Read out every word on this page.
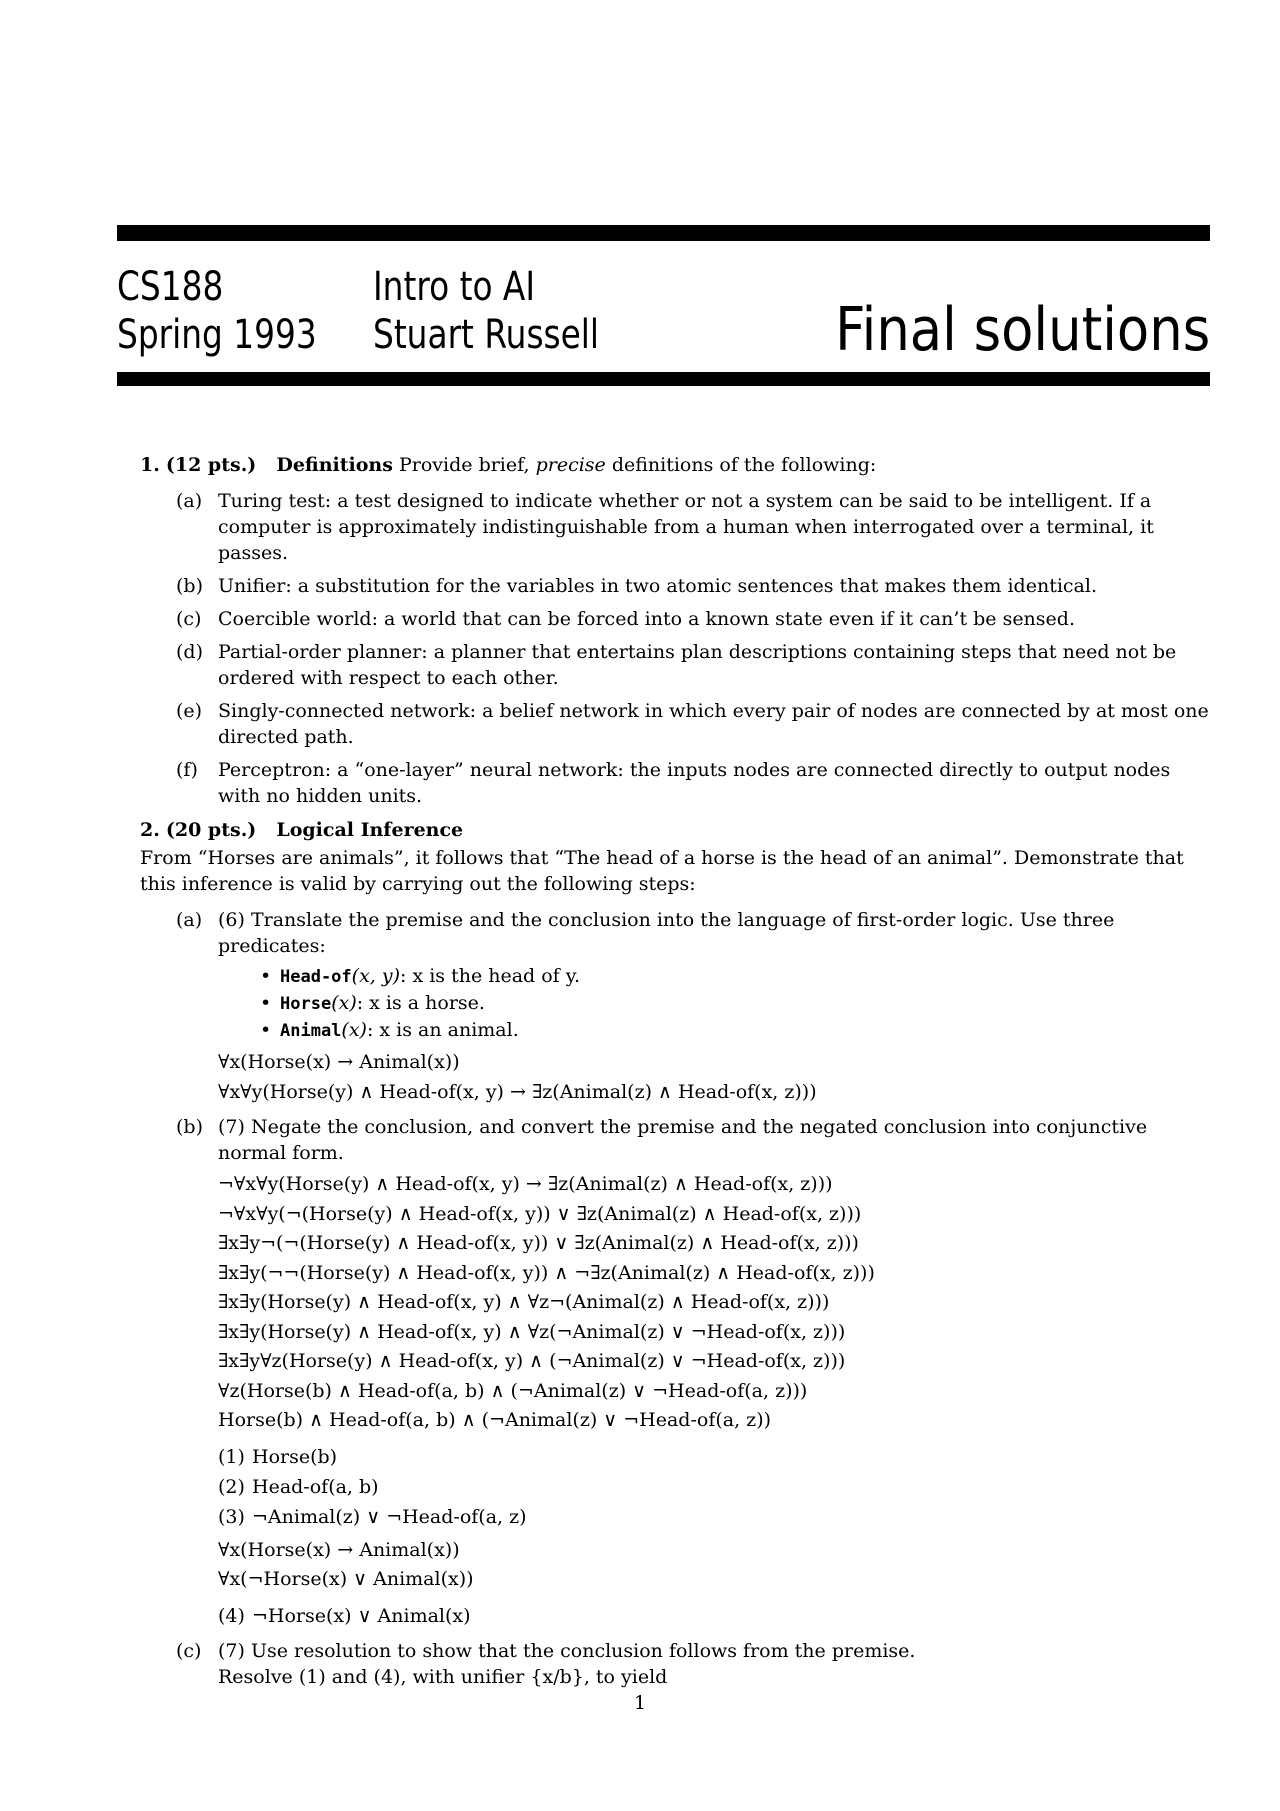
CS188
Spring 1993
Intro to AI
Stuart Russell	Final solutions
1. (12 pts.) Definitions Provide brief, precise definitions of the following:
(a) Turing test: a test designed to indicate whether or not a system can be said to be intelligent. If a computer is approximately indistinguishable from a human when interrogated over a terminal, it passes.
(b) Unifier: a substitution for the variables in two atomic sentences that makes them identical.
(c) Coercible world: a world that can be forced into a known state even if it can’t be sensed.
(d) Partial-order planner: a planner that entertains plan descriptions containing steps that need not be ordered with respect to each other.
(e) Singly-connected network: a belief network in which every pair of nodes are connected by at most one directed path.
(f) Perceptron: a “one-layer” neural network: the inputs nodes are connected directly to output nodes with no hidden units.
2. (20 pts.) Logical Inference
From “Horses are animals”, it follows that “The head of a horse is the head of an animal”. Demonstrate that this inference is valid by carrying out the following steps:
(a) (6) Translate the premise and the conclusion into the language of first-order logic. Use three predicates:
• Head-of(x, y): x is the head of y.
• Horse(x): x is a horse.
• Animal(x): x is an animal.
∀x(Horse(x) → Animal(x))
∀x∀y(Horse(y) ∧ Head-of(x, y) → ∃z(Animal(z) ∧ Head-of(x, z)))
(b) (7) Negate the conclusion, and convert the premise and the negated conclusion into conjunctive normal form.
¬∀x∀y(Horse(y) ∧ Head-of(x, y) → ∃z(Animal(z) ∧ Head-of(x, z)))
¬∀x∀y(¬(Horse(y) ∧ Head-of(x, y)) ∨ ∃z(Animal(z) ∧ Head-of(x, z)))
∃x∃y¬(¬(Horse(y) ∧ Head-of(x, y)) ∨ ∃z(Animal(z) ∧ Head-of(x, z)))
∃x∃y(¬¬(Horse(y) ∧ Head-of(x, y)) ∧ ¬∃z(Animal(z) ∧ Head-of(x, z)))
∃x∃y(Horse(y) ∧ Head-of(x, y) ∧ ∀z¬(Animal(z) ∧ Head-of(x, z)))
∃x∃y(Horse(y) ∧ Head-of(x, y) ∧ ∀z(¬Animal(z) ∨ ¬Head-of(x, z)))
∃x∃y∀z(Horse(y) ∧ Head-of(x, y) ∧ (¬Animal(z) ∨ ¬Head-of(x, z)))
∀z(Horse(b) ∧ Head-of(a, b) ∧ (¬Animal(z) ∨ ¬Head-of(a, z)))
Horse(b) ∧ Head-of(a, b) ∧ (¬Animal(z) ∨ ¬Head-of(a, z))
(1) Horse(b)
(2) Head-of(a, b)
(3) ¬Animal(z) ∨ ¬Head-of(a, z)
∀x(Horse(x) → Animal(x))
∀x(¬Horse(x) ∨ Animal(x))
(4) ¬Horse(x) ∨ Animal(x)
(c) (7) Use resolution to show that the conclusion follows from the premise.
Resolve (1) and (4), with unifier {x/b}, to yield
1
